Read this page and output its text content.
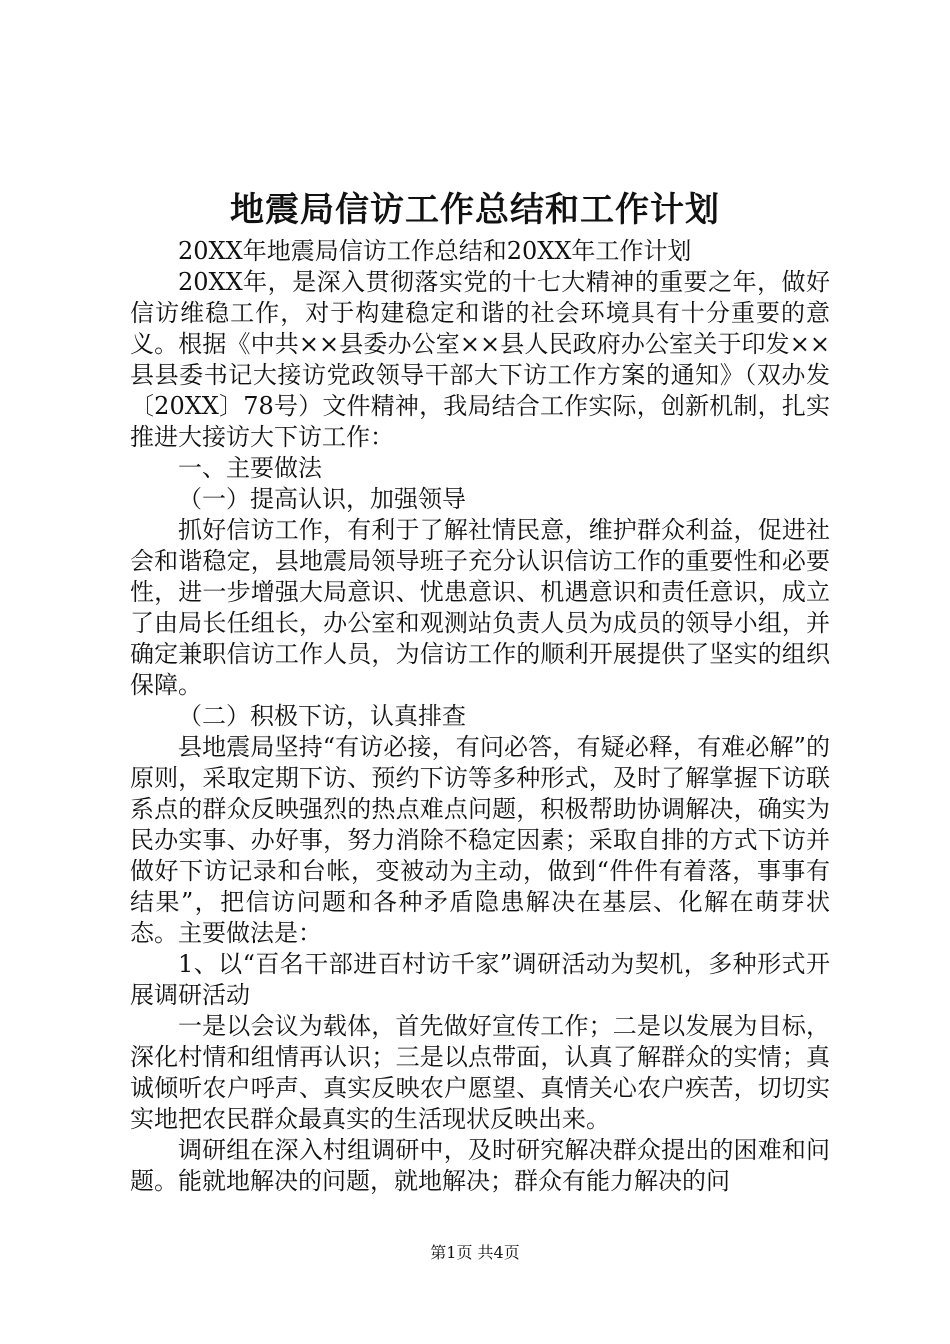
地震局信访工作总结和工作计划

20XX年地震局信访工作总结和20XX年工作计划

20XX年，是深入贯彻落实党的十七大精神的重要之年，做好信访维稳工作，对于构建稳定和谐的社会环境具有十分重要的意义。根据《中共××县委办公室××县人民政府办公室关于印发××县县委书记大接访党政领导干部大下访工作方案的通知》（双办发〔20XX〕78号）文件精神，我局结合工作实际，创新机制，扎实推进大接访大下访工作：

一、主要做法

（一）提高认识，加强领导

抓好信访工作，有利于了解社情民意，维护群众利益，促进社会和谐稳定，县地震局领导班子充分认识信访工作的重要性和必要性，进一步增强大局意识、忧患意识、机遇意识和责任意识，成立了由局长任组长，办公室和观测站负责人员为成员的领导小组，并确定兼职信访工作人员，为信访工作的顺利开展提供了坚实的组织保障。

（二）积极下访，认真排查

县地震局坚持“有访必接，有问必答，有疑必释，有难必解”的原则，采取定期下访、预约下访等多种形式，及时了解掌握下访联系点的群众反映强烈的热点难点问题，积极帮助协调解决，确实为民办实事、办好事，努力消除不稳定因素；采取自排的方式下访并做好下访记录和台帐，变被动为主动，做到“件件有着落，事事有结果”，把信访问题和各种矛盾隐患解决在基层、化解在萌芽状态。主要做法是：

1、以“百名干部进百村访千家”调研活动为契机，多种形式开展调研活动

一是以会议为载体，首先做好宣传工作；二是以发展为目标，深化村情和组情再认识；三是以点带面，认真了解群众的实情；真诚倾听农户呼声、真实反映农户愿望、真情关心农户疾苦，切切实实地把农民群众最真实的生活现状反映出来。

调研组在深入村组调研中，及时研究解决群众提出的困难和问题。能就地解决的问题，就地解决；群众有能力解决的问

第1页 共4页
